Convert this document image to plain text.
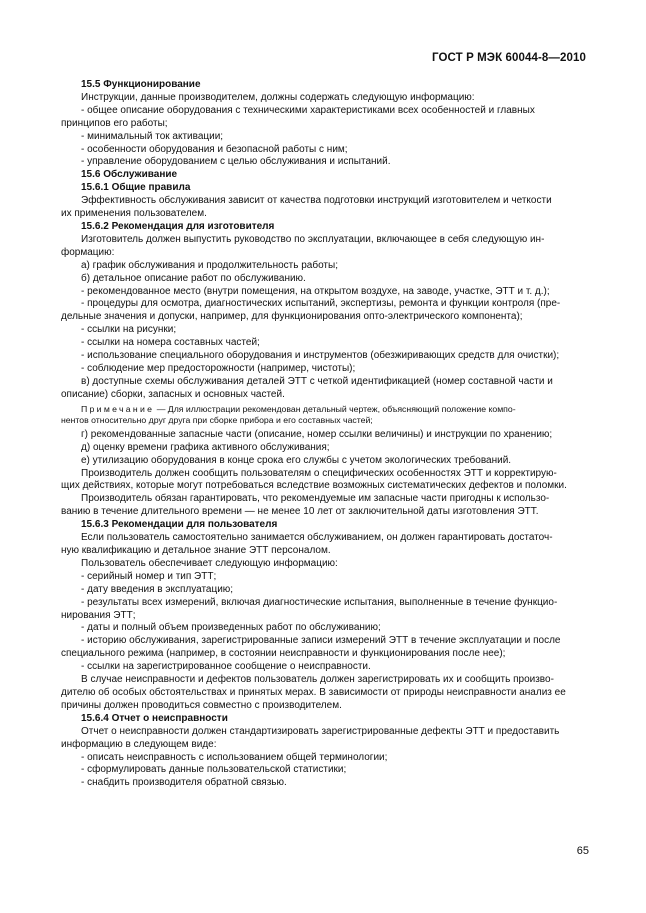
ГОСТ Р МЭК 60044-8—2010

15.5 Функционирование

Инструкции, данные производителем, должны содержать следующую информацию:

- общее описание оборудования с техническими характеристиками всех особенностей и главных

принципов его работы;

- минимальный ток активации;

- особенности оборудования и безопасной работы с ним;

- управление оборудованием с целью обслуживания и испытаний.

15.6 Обслуживание

15.6.1 Общие правила

Эффективность обслуживания зависит от качества подготовки инструкций изготовителем и четкости

их применения пользователем.

15.6.2 Рекомендация для изготовителя

Изготовитель должен выпустить руководство по эксплуатации, включающее в себя следующую ин-

формацию:

а) график обслуживания и продолжительность работы;

б) детальное описание работ по обслуживанию.

- рекомендованное место (внутри помещения, на открытом воздухе, на заводе, участке, ЭТТ и т. д.);

- процедуры для осмотра, диагностических испытаний, экспертизы, ремонта и функции контроля (пре-

дельные значения и допуски, например, для функционирования опто-электрического компонента);

- ссылки на рисунки;

- ссылки на номера составных частей;

- использование специального оборудования и инструментов (обезжиривающих средств для очистки);

- соблюдение мер предосторожности (например, чистоты);

в) доступные схемы обслуживания деталей ЭТТ с четкой идентификацией (номер составной части и

описание) сборки, запасных и основных частей.

Примечание — Для иллюстрации рекомендован детальный чертеж, объясняющий положение компо-

нентов относительно друг друга при сборке прибора и его составных частей;

г) рекомендованные запасные части (описание, номер ссылки величины) и инструкции по хранению;

д) оценку времени графика активного обслуживания;

е) утилизацию оборудования в конце срока его службы с учетом экологических требований.

Производитель должен сообщить пользователям о специфических особенностях ЭТТ и корректирую-

щих действиях, которые могут потребоваться вследствие возможных систематических дефектов и поломки.

Производитель обязан гарантировать, что рекомендуемые им запасные части пригодны к использо-

ванию в течение длительного времени — не менее 10 лет от заключительной даты изготовления ЭТТ.

15.6.3 Рекомендации для пользователя

Если пользователь самостоятельно занимается обслуживанием, он должен гарантировать достаточ-

ную квалификацию и детальное знание ЭТТ персоналом.

Пользователь обеспечивает следующую информацию:

- серийный номер и тип ЭТТ;

- дату введения в эксплуатацию;

- результаты всех измерений, включая диагностические испытания, выполненные в течение функцио-

нирования ЭТТ;

- даты и полный объем произведенных работ по обслуживанию;

- историю обслуживания, зарегистрированные записи измерений ЭТТ в течение эксплуатации и после

специального режима (например, в состоянии неисправности и функционирования после нее);

- ссылки на зарегистрированное сообщение о неисправности.

В случае неисправности и дефектов пользователь должен зарегистрировать их и сообщить произво-

дителю об особых обстоятельствах и принятых мерах. В зависимости от природы неисправности анализ ее

причины должен проводиться совместно с производителем.

15.6.4 Отчет о неисправности

Отчет о неисправности должен стандартизировать зарегистрированные дефекты ЭТТ и предоставить

информацию в следующем виде:

- описать неисправность с использованием общей терминологии;

- сформулировать данные пользовательской статистики;

- снабдить производителя обратной связью.

65
